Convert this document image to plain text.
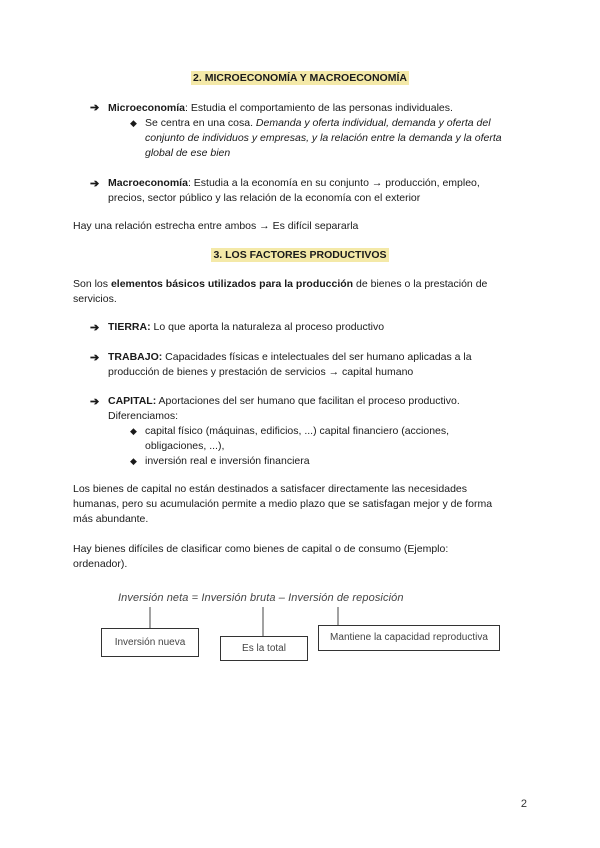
2. MICROECONOMÍA Y MACROECONOMÍA
➔ Microeconomía: Estudia el comportamiento de las personas individuales.
◆ Se centra en una cosa. Demanda y oferta individual, demanda y oferta del
conjunto de individuos y empresas, y la relación entre la demanda y la oferta
global de ese bien
➔ Macroeconomía: Estudia a la economía en su conjunto → producción, empleo,
precios, sector público y las relación de la economía con el exterior
Hay una relación estrecha entre ambos → Es difícil separarla
3. LOS FACTORES PRODUCTIVOS
Son los elementos básicos utilizados para la producción de bienes o la prestación de
servicios.
➔ TIERRA: Lo que aporta la naturaleza al proceso productivo
➔ TRABAJO: Capacidades físicas e intelectuales del ser humano aplicadas a la
producción de bienes y prestación de servicios → capital humano
➔ CAPITAL: Aportaciones del ser humano que facilitan el proceso productivo.
Diferenciamos:
◆ capital físico (máquinas, edificios, ...) capital financiero (acciones,
obligaciones, ...),
◆ inversión real e inversión financiera
Los bienes de capital no están destinados a satisfacer directamente las necesidades
humanas, pero su acumulación permite a medio plazo que se satisfagan mejor y de forma
más abundante.
Hay bienes difíciles de clasificar como bienes de capital o de consumo (Ejemplo:
ordenador).
Inversión neta = Inversión bruta – Inversión de reposición
Inversión nueva
Es la total
Mantiene la capacidad reproductiva
2
